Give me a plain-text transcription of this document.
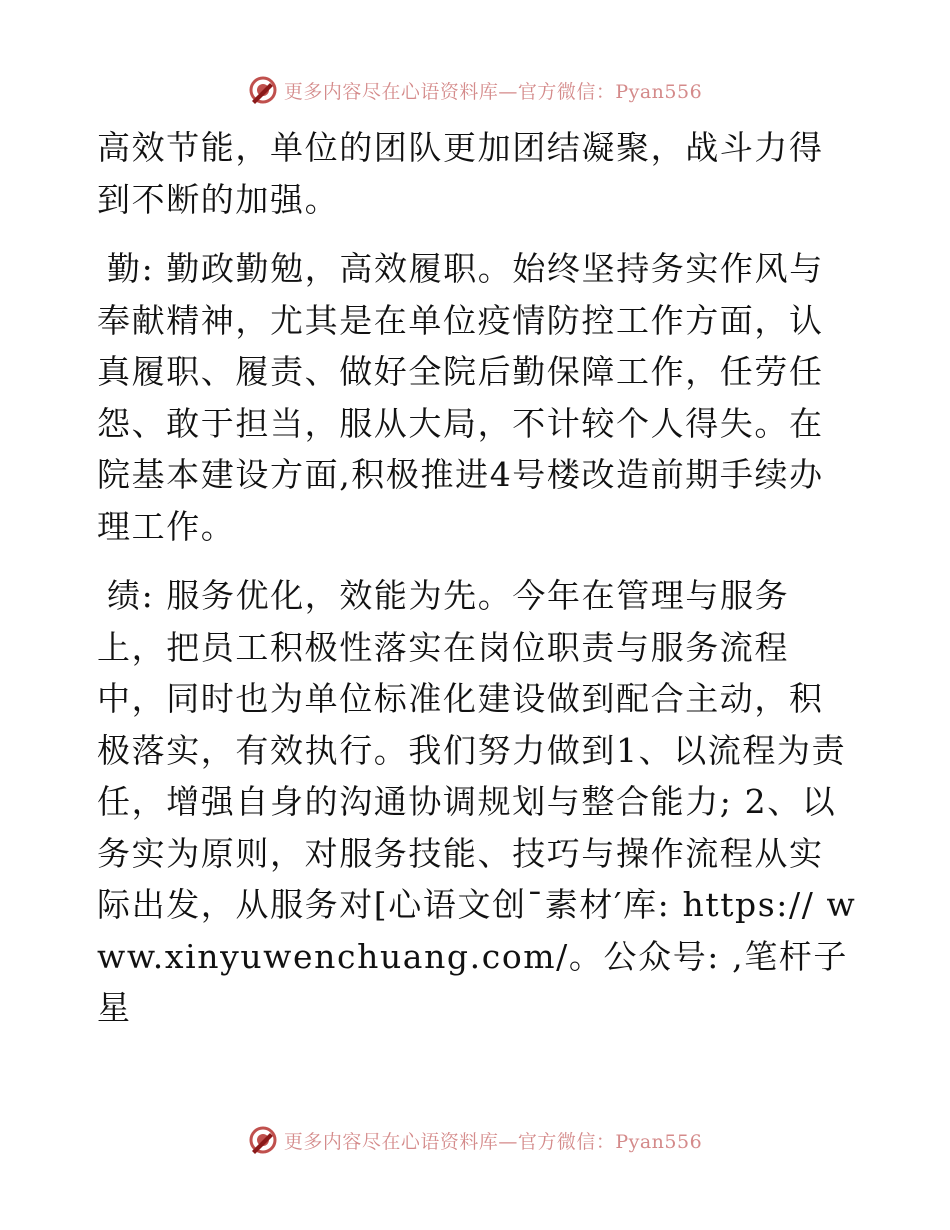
更多内容尽在心语资料库—官方微信：Pyan556

高效节能，单位的团队更加团结凝聚，战斗力得到不断的加强。

勤: 勤政勤勉，高效履职。始终坚持务实作风与奉献精神，尤其是在单位疫情防控工作方面，认真履职、履责、做好全院后勤保障工作，任劳任怨、敢于担当，服从大局，不计较个人得失。在院基本建设方面,积极推进4号楼改造前期手续办理工作。

绩: 服务优化，效能为先。今年在管理与服务上，把员工积极性落实在岗位职责与服务流程中，同时也为单位标准化建设做到配合主动，积极落实，有效执行。我们努力做到1、以流程为责任，增强自身的沟通协调规划与整合能力; 2、以务实为原则，对服务技能、技巧与操作流程从实际出发，从服务对[心语文创¯素材′库: https:// www.xinyuwenchuang.com/。公众号: ,笔杆子星

更多内容尽在心语资料库—官方微信：Pyan556
